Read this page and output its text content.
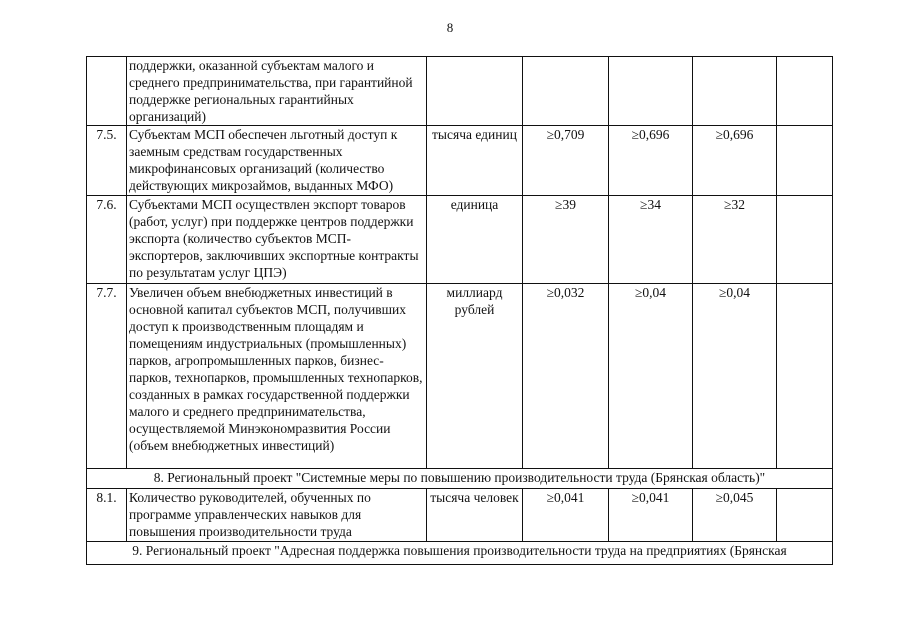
8
	поддержки, оказанной субъектам малого и среднего предпринимательства, при гарантийной поддержке региональных гарантийных организаций)					
7.5.	Субъектам МСП обеспечен льготный доступ к заемным средствам государственных микрофинансовых организаций (количество действующих микрозаймов, выданных МФО)	тысяча единиц	≥0,709	≥0,696	≥0,696	
7.6.	Субъектами МСП осуществлен экспорт товаров (работ, услуг) при поддержке центров поддержки экспорта (количество субъектов МСП-экспортеров, заключивших экспортные контракты по результатам услуг ЦПЭ)	единица	≥39	≥34	≥32	
7.7.	Увеличен объем внебюджетных инвестиций в основной капитал субъектов МСП, получивших доступ к производственным площадям и помещениям индустриальных (промышленных) парков, агропромышленных парков, бизнес-парков, технопарков, промышленных технопарков, созданных в рамках государственной поддержки малого и среднего предпринимательства, осуществляемой Минэкономразвития России (объем внебюджетных инвестиций)	миллиард рублей	≥0,032	≥0,04	≥0,04	
8. Региональный проект "Системные меры по повышению производительности труда (Брянская область)"						
8.1.	Количество руководителей, обученных по программе управленческих навыков для повышения производительности труда	тысяча человек	≥0,041	≥0,041	≥0,045	
9. Региональный проект "Адресная поддержка повышения производительности труда на предприятиях (Брянская						
